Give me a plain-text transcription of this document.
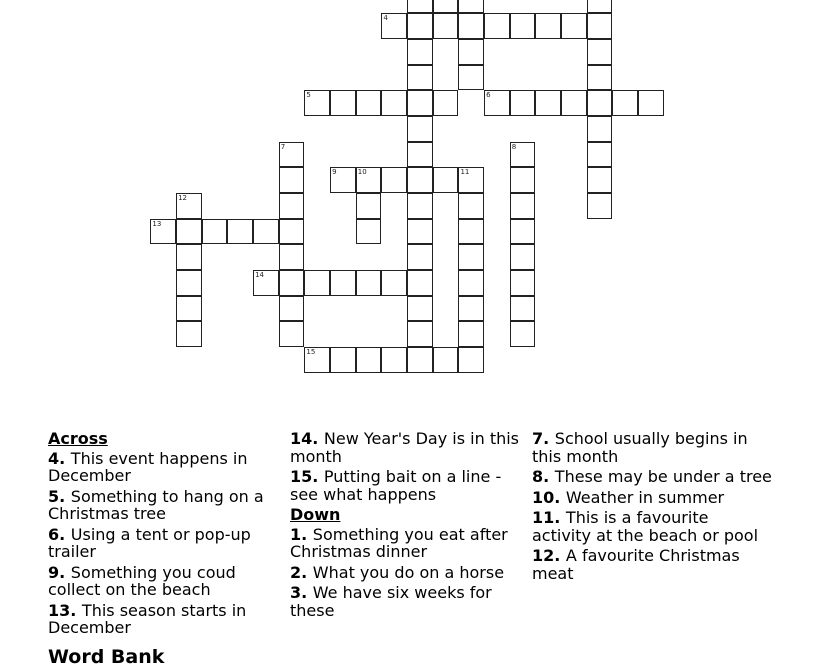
4
5	6
7	8
9	10	11
12
13
14
15
Across
4. This event happens in December
5. Something to hang on a Christmas tree
6. Using a tent or pop-up trailer
9. Something you coud collect on the beach
13. This season starts in December
14. New Year's Day is in this month
15. Putting bait on a line - see what happens
Down
1. Something you eat after Christmas dinner
2. What you do on a horse
3. We have six weeks for these
7. School usually begins in this month
8. These may be under a tree
10. Weather in summer
11. This is a favourite activity at the beach or pool
12. A favourite Christmas meat
Word Bank
